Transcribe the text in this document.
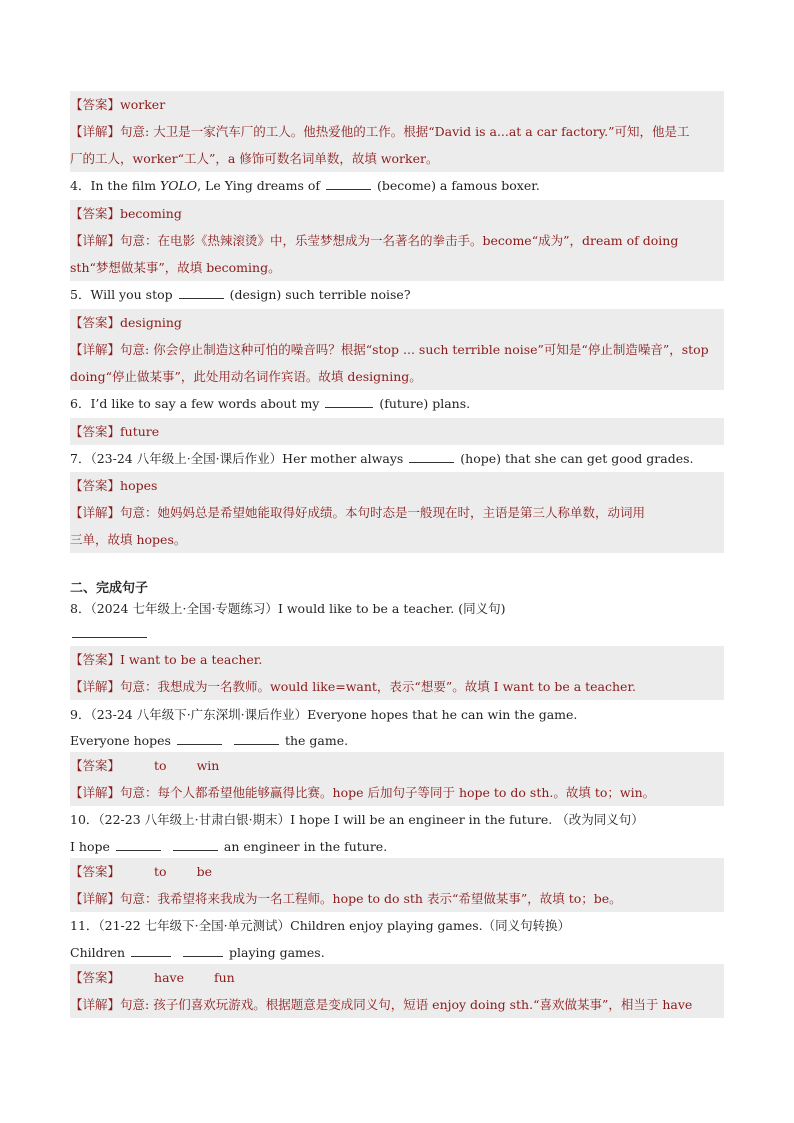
【答案】worker
【详解】句意: 大卫是一家汽车厂的工人。他热爱他的工作。根据“David is a...at a car factory.”可知，他是工
厂的工人，worker“工人”，a 修饰可数名词单数，故填 worker。
4．In the film YOLO, Le Ying dreams of	(become) a famous boxer.
【答案】becoming
【详解】句意：在电影《热辣滚烫》中，乐莹梦想成为一名著名的拳击手。become“成为”，dream of doing
sth“梦想做某事”，故填 becoming。
5．Will you stop	(design) such terrible noise?
【答案】designing
【详解】句意: 你会停止制造这种可怕的噪音吗？根据“stop ... such terrible noise”可知是“停止制造噪音”，stop
doing“停止做某事”，此处用动名词作宾语。故填 designing。
6．I’d like to say a few words about my	(future) plans.
【答案】future
7．（23-24 八年级上·全国·课后作业）Her mother always	(hope) that she can get good grades.
【答案】hopes
【详解】句意：她妈妈总是希望她能取得好成绩。本句时态是一般现在时，主语是第三人称单数，动词用
三单，故填 hopes。
二、完成句子
8．（2024 七年级上·全国·专题练习）I would like to be a teacher. (同义句)
【答案】I want to be a teacher.
【详解】句意：我想成为一名教师。would like=want，表示“想要”。故填 I want to be a teacher.
9．（23-24 八年级下·广东深圳·课后作业）Everyone hopes that he can win the game.
Everyone hopes	the game.
【答案】	to win
【详解】句意：每个人都希望他能够赢得比赛。hope 后加句子等同于 hope to do sth.。故填 to；win。
10．（22-23 八年级上·甘肃白银·期末）I hope I will be an engineer in the future. （改为同义句）
I hope	an engineer in the future.
【答案】	to be
【详解】句意：我希望将来我成为一名工程师。hope to do sth 表示“希望做某事”，故填 to；be。
11．（21-22 七年级下·全国·单元测试）Children enjoy playing games.（同义句转换）
Children	playing games.
【答案】	have fun
【详解】句意: 孩子们喜欢玩游戏。根据题意是变成同义句，短语 enjoy doing sth.“喜欢做某事”，相当于 have
